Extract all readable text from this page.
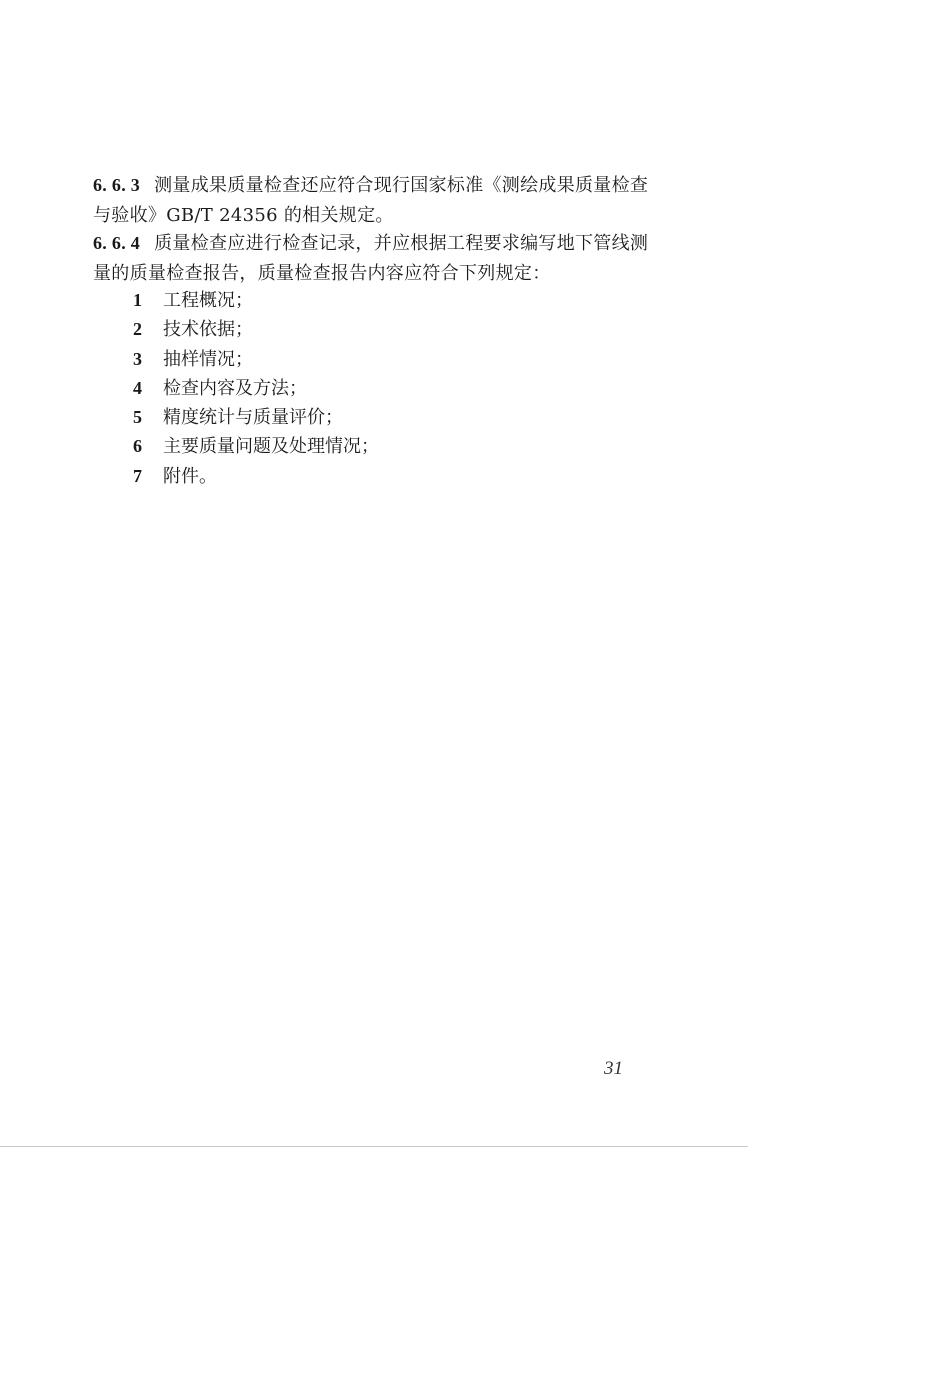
6. 6. 3 测量成果质量检查还应符合现行国家标准《测绘成果质量检查与验收》GB/T 24356 的相关规定。

6. 6. 4 质量检查应进行检查记录，并应根据工程要求编写地下管线测量的质量检查报告，质量检查报告内容应符合下列规定：

1 工程概况；
2 技术依据；
3 抽样情况；
4 检查内容及方法；
5 精度统计与质量评价；
6 主要质量问题及处理情况；
7 附件。
31
